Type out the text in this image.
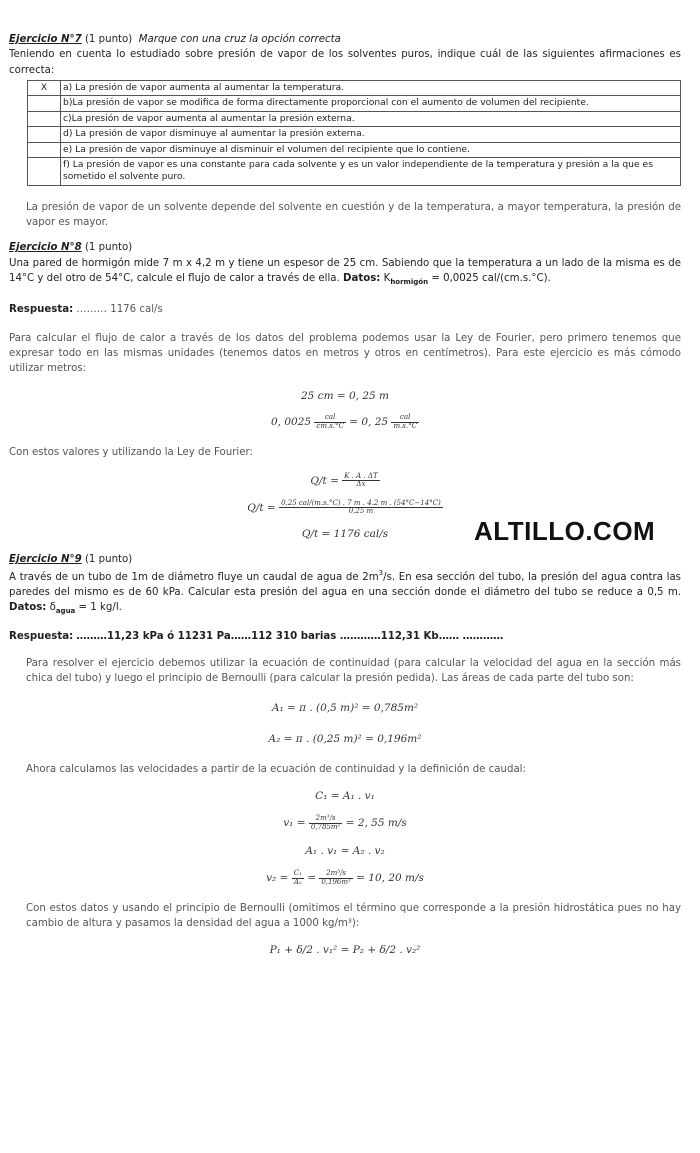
Ejercicio N°7 (1 punto) Marque con una cruz la opción correcta

Teniendo en cuenta lo estudiado sobre presión de vapor de los solventes puros, indique cuál de las siguientes afirmaciones es correcta:

X	a) La presión de vapor aumenta al aumentar la temperatura.
	b)La presión de vapor se modifica de forma directamente proporcional con el aumento de volumen del recipiente.
	c)La presión de vapor aumenta al aumentar la presión externa.
	d) La presión de vapor disminuye al aumentar la presión externa.
	e) La presión de vapor disminuye al disminuir el volumen del recipiente que lo contiene.
	f) La presión de vapor es una constante para cada solvente y es un valor independiente de la temperatura y presión a la que es sometido el solvente puro.

La presión de vapor de un solvente depende del solvente en cuestión y de la temperatura, a mayor temperatura, la presión de vapor es mayor.

Ejercicio N°8 (1 punto)

Una pared de hormigón mide 7 m x 4,2 m y tiene un espesor de 25 cm. Sabiendo que la temperatura a un lado de la misma es de 14°C y del otro de 54°C, calcule el flujo de calor a través de ella. Datos: $K_{hormigón} = 0,0025$ cal/(cm.s.°C).

Respuesta: ……… 1176 cal/s

Para calcular el flujo de calor a través de los datos del problema podemos usar la Ley de Fourier, pero primero tenemos que expresar todo en las mismas unidades (tenemos datos en metros y otros en centímetros). Para este ejercicio es más cómodo utilizar metros:

25 cm = 0, 25 m
0, $0025 \frac{\text{cal}}{cm.s.^\circ C} = 0$, $25 \frac{\text{cal}}{m.s.^\circ C}$

Con estos valores y utilizando la Ley de Fourier:

$Q/t = \frac{K . A . \Delta T}{\Delta x}$
$Q/t = \frac{\text{0.25 cal/(m.s.°C) . 7 m . 4.2 m . (54°C−14°C)}}{0,25 m}$
Q/t = 1176 cal/s

Ejercicio N°9 (1 punto)

A través de un tubo de 1m de diámetro fluye un caudal de agua de $2m^3/s$. En esa sección del tubo, la presión del agua contra las paredes del mismo es de 60 kPa. Calcular esta presión del agua en una sección donde el diámetro del tubo se reduce a 0,5 m. Datos: $\delta_{agua} = 1$ kg/l.

Respuesta: ………11,23 kPa ó 11231 Pa……112 310 barias …………112,31 Kb…… …………

Para resolver el ejercicio debemos utilizar la ecuación de continuidad (para calcular la velocidad del agua en la sección más chica del tubo) y luego el principio de Bernoulli (para calcular la presión pedida). Las áreas de cada parte del tubo son:

A₁ = π . (0,5 m)² = 0,785m²
A₂ = π . (0,25 m)² = 0,196m²

Ahora calculamos las velocidades a partir de la ecuación de continuidad y la definición de caudal:

C₁ = A₁ . v₁
$v_1 = \frac{\text{2m³/s}}{\text{0,785m²}} = 2$, 55 m/s
A₁ . v₁ = A₂ . v₂
$v_2 = \frac{\text{C₁}}{\text{A₂}} = \frac{\text{2m³/s}}{\text{0,196m²}} = 10$, 20 m/s

Con estos datos y usando el principio de Bernoulli (omitimos el término que corresponde a la presión hidrostática pues no hay cambio de altura y pasamos la densidad del agua a 1000 kg/m³):

P₁ + δ/2 . v₁² = P₂ + δ/2 . v₂²
ALTILLO.COM
